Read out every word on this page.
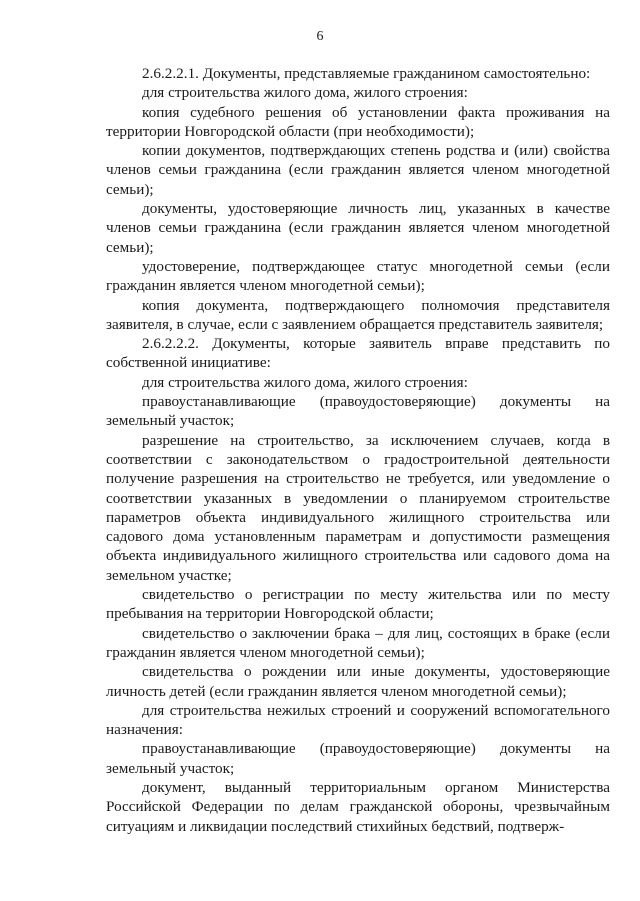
6

2.6.2.2.1. Документы, представляемые гражданином самостоятельно:

для строительства жилого дома, жилого строения:

копия судебного решения об установлении факта проживания на территории Новгородской области (при необходимости);

копии документов, подтверждающих степень родства и (или) свойства членов семьи гражданина (если гражданин является членом многодетной семьи);

документы, удостоверяющие личность лиц, указанных в качестве членов семьи гражданина (если гражданин является членом многодетной семьи);

удостоверение, подтверждающее статус многодетной семьи (если гражданин является членом многодетной семьи);

копия документа, подтверждающего полномочия представителя заявителя, в случае, если с заявлением обращается представитель заявителя;

2.6.2.2.2. Документы, которые заявитель вправе представить по собственной инициативе:

для строительства жилого дома, жилого строения:

правоустанавливающие (правоудостоверяющие) документы на земельный участок;

разрешение на строительство, за исключением случаев, когда в соответствии с законодательством о градостроительной деятельности получение разрешения на строительство не требуется, или уведомление о соответствии указанных в уведомлении о планируемом строительстве параметров объекта индивидуального жилищного строительства или садового дома установленным параметрам и допустимости размещения объекта индивидуального жилищного строительства или садового дома на земельном участке;

свидетельство о регистрации по месту жительства или по месту пребывания на территории Новгородской области;

свидетельство о заключении брака – для лиц, состоящих в браке (если гражданин является членом многодетной семьи);

свидетельства о рождении или иные документы, удостоверяющие личность детей (если гражданин является членом многодетной семьи);

для строительства нежилых строений и сооружений вспомогательного назначения:

правоустанавливающие (правоудостоверяющие) документы на земельный участок;

документ, выданный территориальным органом Министерства Российской Федерации по делам гражданской обороны, чрезвычайным ситуациям и ликвидации последствий стихийных бедствий, подтверж-
